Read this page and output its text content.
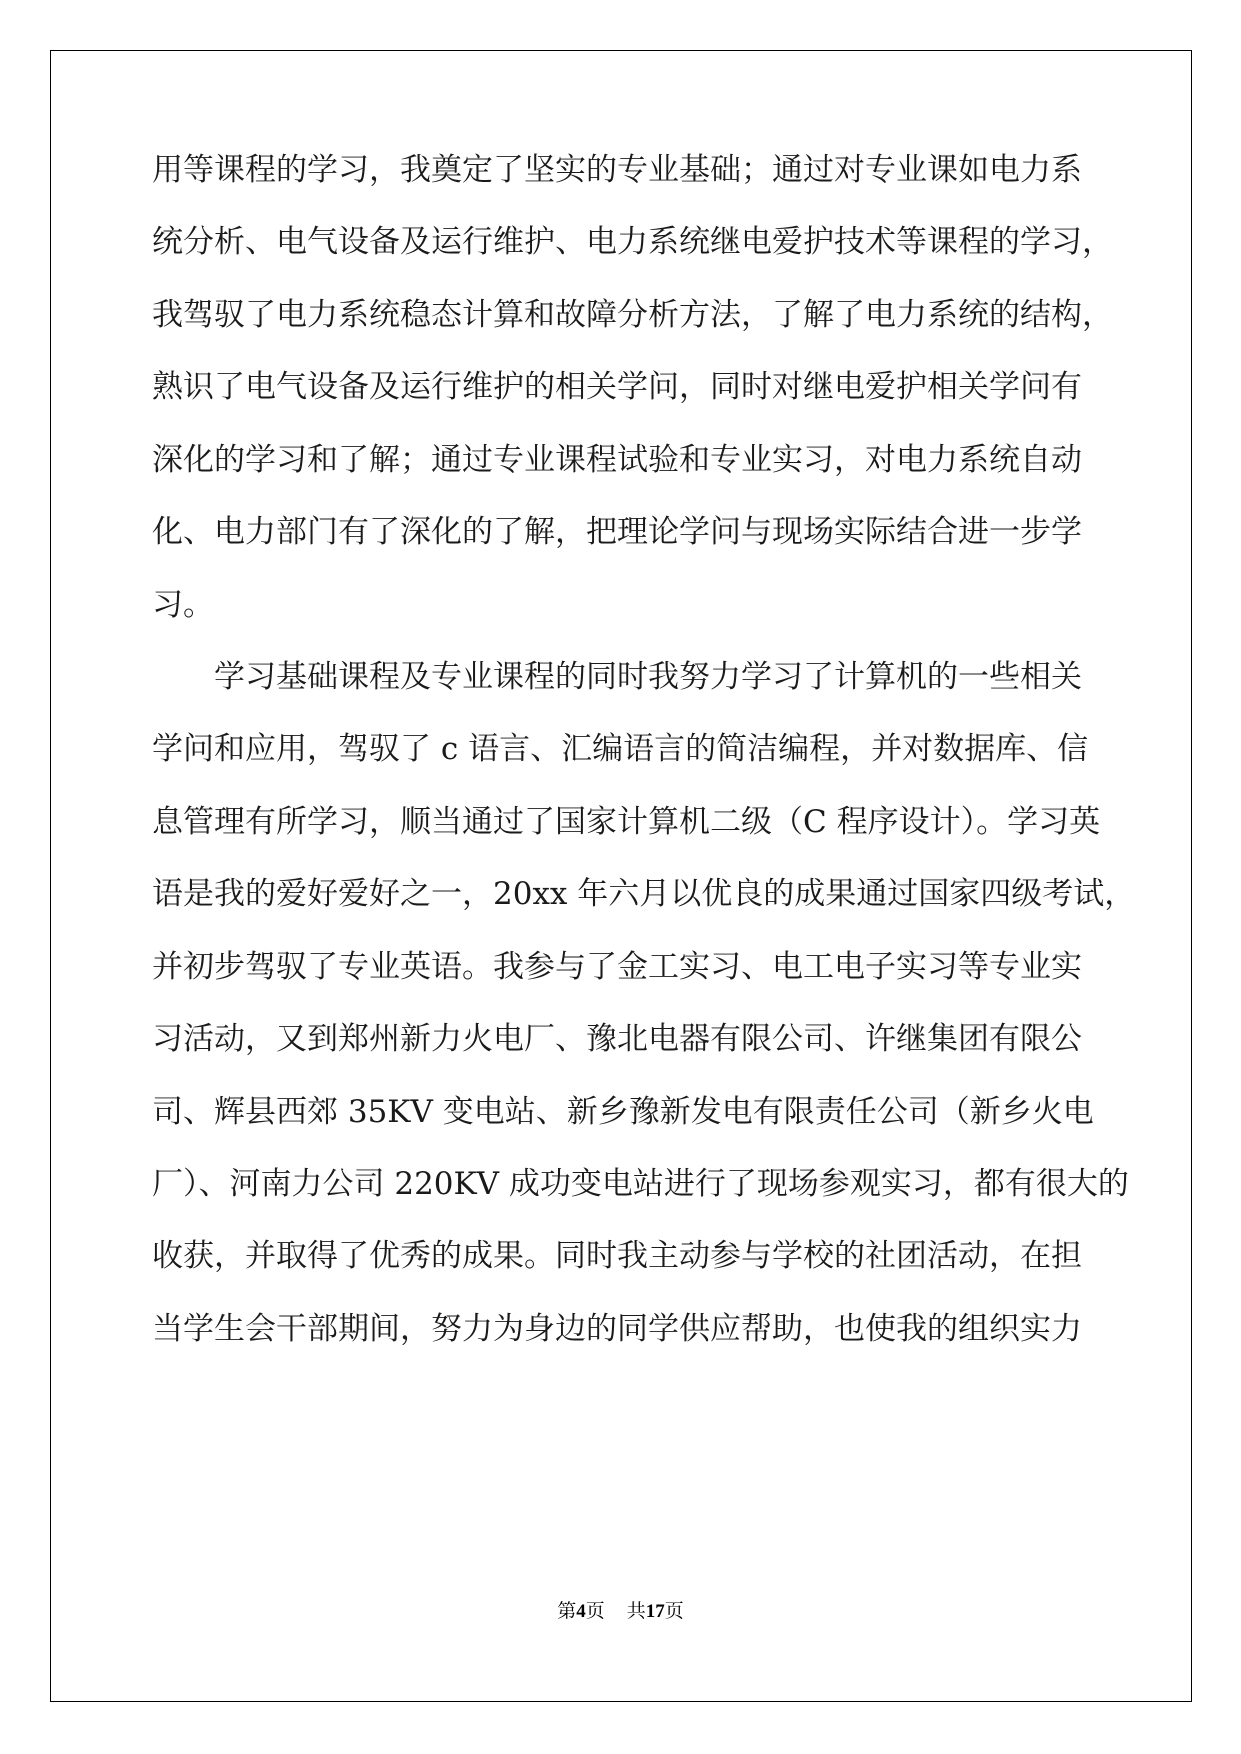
用等课程的学习，我奠定了坚实的专业基础；通过对专业课如电力系
统分析、电气设备及运行维护、电力系统继电爱护技术等课程的学习，
我驾驭了电力系统稳态计算和故障分析方法，了解了电力系统的结构，
熟识了电气设备及运行维护的相关学问，同时对继电爱护相关学问有
深化的学习和了解；通过专业课程试验和专业实习，对电力系统自动
化、电力部门有了深化的了解，把理论学问与现场实际结合进一步学
习。
学习基础课程及专业课程的同时我努力学习了计算机的一些相关
学问和应用，驾驭了 c 语言、汇编语言的简洁编程，并对数据库、信
息管理有所学习，顺当通过了国家计算机二级（C 程序设计）。学习英
语是我的爱好爱好之一，20xx 年六月以优良的成果通过国家四级考试，
并初步驾驭了专业英语。我参与了金工实习、电工电子实习等专业实
习活动，又到郑州新力火电厂、豫北电器有限公司、许继集团有限公
司、辉县西郊 35KV 变电站、新乡豫新发电有限责任公司（新乡火电
厂）、河南力公司 220KV 成功变电站进行了现场参观实习，都有很大的
收获，并取得了优秀的成果。同时我主动参与学校的社团活动，在担
当学生会干部期间，努力为身边的同学供应帮助，也使我的组织实力
第4页 共17页
